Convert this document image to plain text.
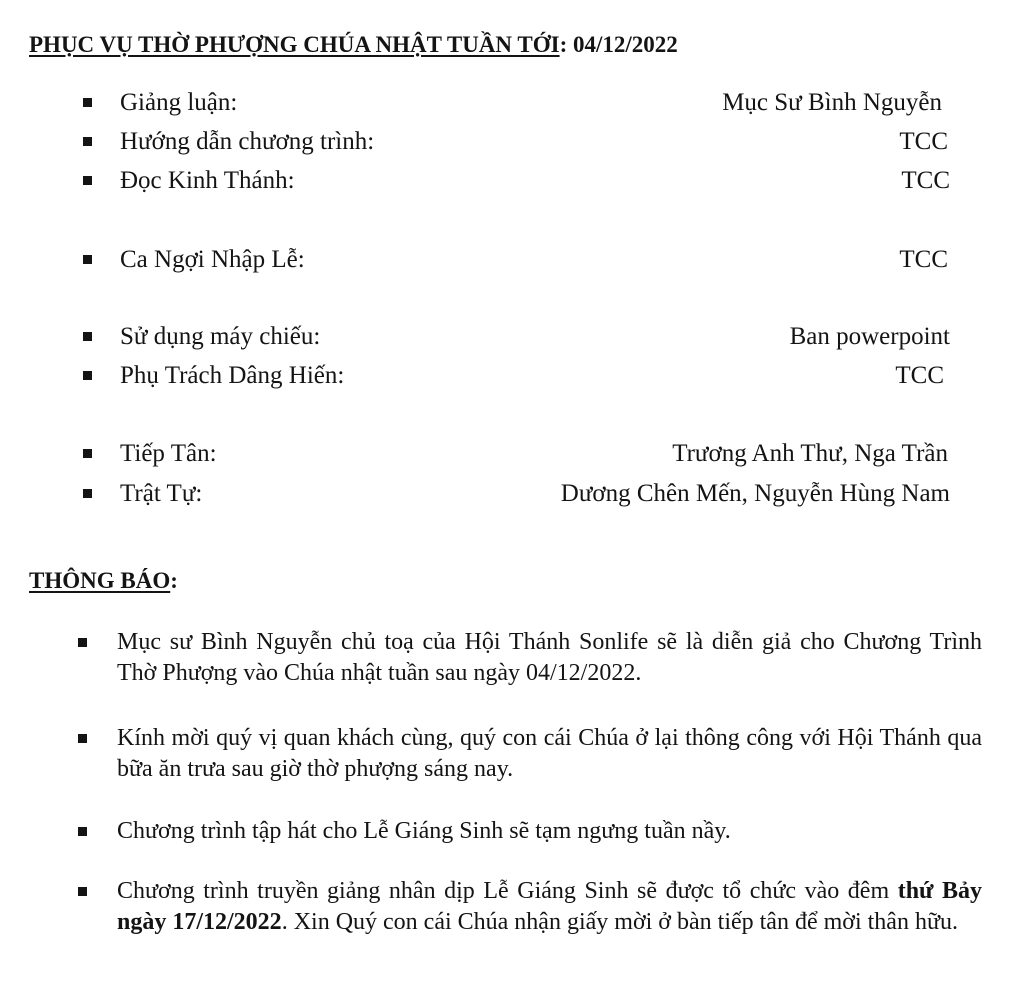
PHỤC VỤ THỜ PHƯỢNG CHÚA NHẬT TUẦN TỚI: 04/12/2022
Giảng luận:	Mục Sư Bình Nguyễn
Hướng dẫn chương trình:	TCC
Đọc Kinh Thánh:	TCC
Ca Ngợi Nhập Lễ:	TCC
Sử dụng máy chiếu:	Ban powerpoint
Phụ Trách Dâng Hiến:	TCC
Tiếp Tân:	Trương Anh Thư, Nga Trần
Trật Tự:	Dương Chên Mến, Nguyễn Hùng Nam
THÔNG BÁO:
Mục sư Bình Nguyễn chủ toạ của Hội Thánh Sonlife sẽ là diễn giả cho Chương Trình Thờ Phượng vào Chúa nhật tuần sau ngày 04/12/2022.
Kính mời quý vị quan khách cùng, quý con cái Chúa ở lại thông công với Hội Thánh qua bữa ăn trưa sau giờ thờ phượng sáng nay.
Chương trình tập hát cho Lễ Giáng Sinh sẽ tạm ngưng tuần nầy.
Chương trình truyền giảng nhân dịp Lễ Giáng Sinh sẽ được tổ chức vào đêm thứ Bảy ngày 17/12/2022. Xin Quý con cái Chúa nhận giấy mời ở bàn tiếp tân để mời thân hữu.
